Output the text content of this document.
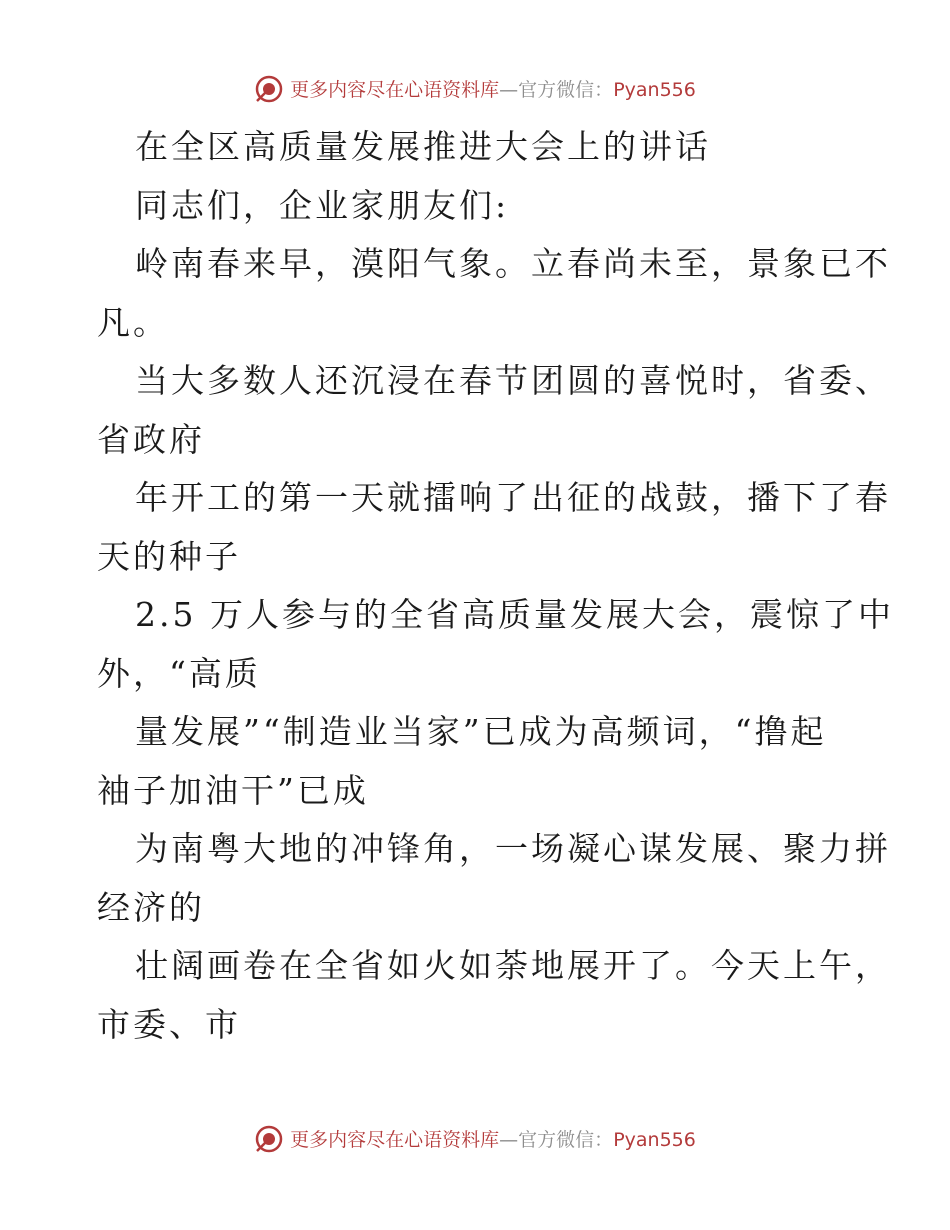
更多内容尽在心语资料库—官方微信：Pyan556

在全区高质量发展推进大会上的讲话

同志们，企业家朋友们:

岭南春来早，漠阳气象。立春尚未至，景象已不
凡。

当大多数人还沉浸在春节团圆的喜悦时，省委、
省政府

年开工的第一天就擂响了出征的战鼓，播下了春
天的种子

2.5 万人参与的全省高质量发展大会，震惊了中
外，“高质

量发展”“制造业当家”已成为高频词，“撸起
袖子加油干”已成

为南粤大地的冲锋角，一场凝心谋发展、聚力拼
经济的

壮阔画卷在全省如火如荼地展开了。今天上午，
市委、市

更多内容尽在心语资料库—官方微信：Pyan556
